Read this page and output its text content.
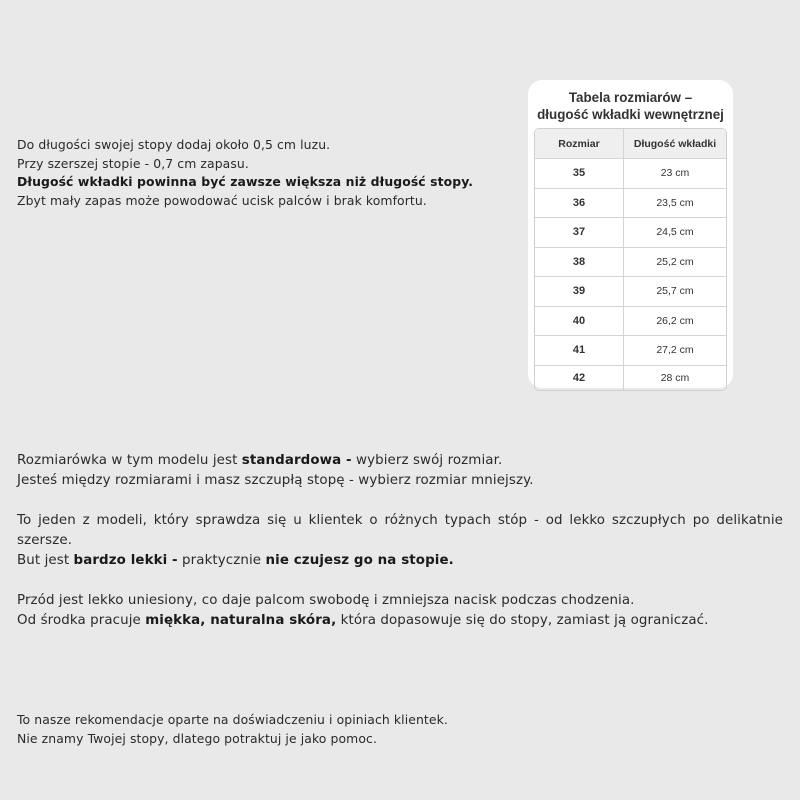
Do długości swojej stopy dodaj około 0,5 cm luzu.

Przy szerszej stopie - 0,7 cm zapasu.

Długość wkładki powinna być zawsze większa niż długość stopy.

Zbyt mały zapas może powodować ucisk palców i brak komfortu.

Tabela rozmiarów –
długość wkładki wewnętrznej
Rozmiar	Długość wkładki
35	23 cm
36	23,5 cm
37	24,5 cm
38	25,2 cm
39	25,7 cm
40	26,2 cm
41	27,2 cm
42	28 cm

Rozmiarówka w tym modelu jest standardowa - wybierz swój rozmiar.

Jesteś między rozmiarami i masz szczupłą stopę - wybierz rozmiar mniejszy.

To jeden z modeli, który sprawdza się u klientek o różnych typach stóp - od lekko szczupłych po delikatnie szersze.

But jest bardzo lekki - praktycznie nie czujesz go na stopie.

Przód jest lekko uniesiony, co daje palcom swobodę i zmniejsza nacisk podczas chodzenia.

Od środka pracuje miękka, naturalna skóra, która dopasowuje się do stopy, zamiast ją ograniczać.

To nasze rekomendacje oparte na doświadczeniu i opiniach klientek.

Nie znamy Twojej stopy, dlatego potraktuj je jako pomoc.
